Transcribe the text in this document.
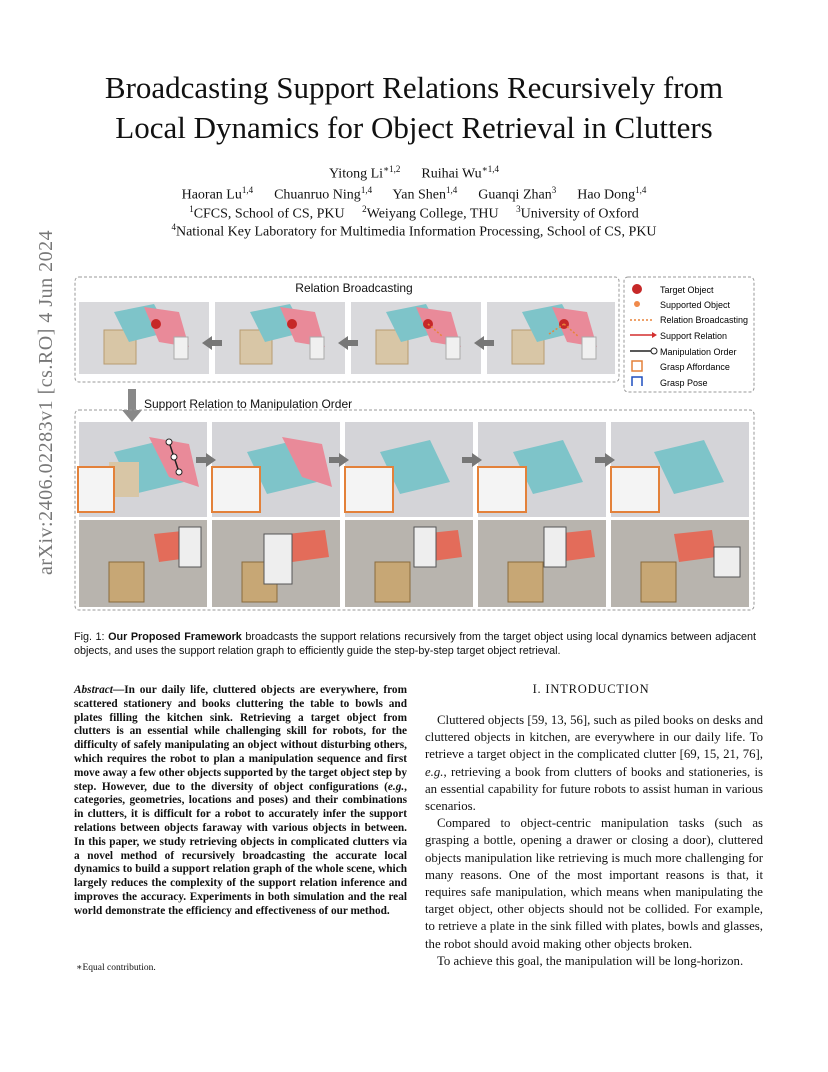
arXiv:2406.02283v1 [cs.RO] 4 Jun 2024
Broadcasting Support Relations Recursively from
Local Dynamics for Object Retrieval in Clutters
Yitong $Li^{∗1,2}$ Ruihai $Wu^{∗1,4}$
Haoran Lu$^{1,4}$ Chuanruo Ning$^{1,4}$ Yan Shen$^{1,4}$ Guanqi Zhan$^3$ Hao Dong$^{1,4}$
$^1$CFCS, School of CS, PKU $^2$Weiyang College, THU $^3$University of Oxford
$^4$National Key Laboratory for Multimedia Information Processing, School of CS, PKU
Relation Broadcasting	Target Object
Supported Object
Relation Broadcasting
Support Relation
Manipulation Order
Grasp Affordance
Grasp Pose
Support Relation to Manipulation Order
Fig. 1: Our Proposed Framework broadcasts the support relations recursively from the target object using local dynamics between adjacent objects, and uses the support relation graph to efficiently guide the step-by-step target object retrieval.
Abstract—In our daily life, cluttered objects are everywhere, from scattered stationery and books cluttering the table to bowls and plates filling the kitchen sink. Retrieving a target object from clutters is an essential while challenging skill for robots, for the difficulty of safely manipulating an object without disturbing others, which requires the robot to plan a manipulation sequence and first move away a few other objects supported by the target object step by step. However, due to the diversity of object configurations (e.g., categories, geometries, locations and poses) and their combinations in clutters, it is difficult for a robot to accurately infer the support relations between objects faraway with various objects in between. In this paper, we study retrieving objects in complicated clutters via a novel method of recursively broadcasting the accurate local dynamics to build a support relation graph of the whole scene, which largely reduces the complexity of the support relation inference and improves the accuracy. Experiments in both simulation and the real world demonstrate the efficiency and effectiveness of our method.
∗Equal contribution.
I. INTRODUCTION
Cluttered objects [59, 13, 56], such as piled books on desks and cluttered objects in kitchen, are everywhere in our daily life. To retrieve a target object in the complicated clutter [69, 15, 21, 76], e.g., retrieving a book from clutters of books and stationeries, is an essential capability for future robots to assist human in various scenarios.
Compared to object-centric manipulation tasks (such as grasping a bottle, opening a drawer or closing a door), cluttered objects manipulation like retrieving is much more challenging for many reasons. One of the most important reasons is that, it requires safe manipulation, which means when manipulating the target object, other objects should not be collided. For example, to retrieve a plate in the sink filled with plates, bowls and glasses, the robot should avoid making other objects broken.
To achieve this goal, the manipulation will be long-horizon.
